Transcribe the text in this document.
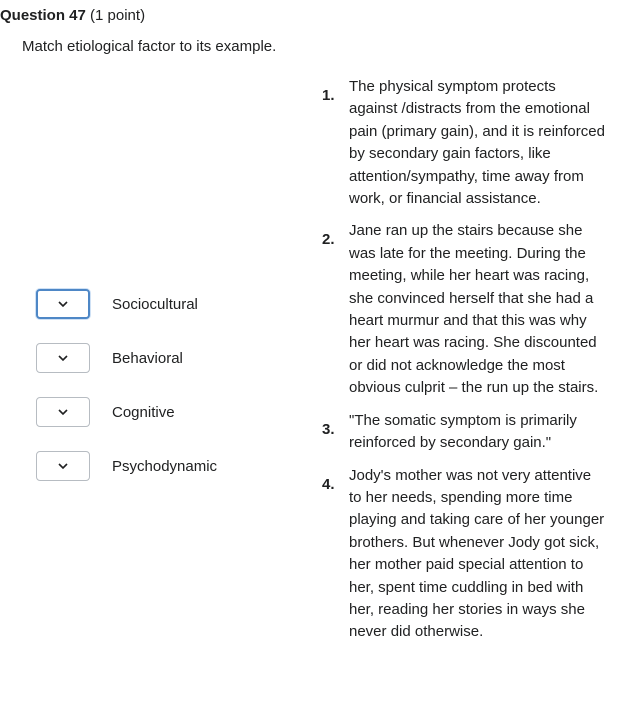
Question 47 (1 point)
Match etiological factor to its example.
Sociocultural
Behavioral
Cognitive
Psychodynamic
1.
The physical symptom protects against /distracts from the emotional pain (primary gain), and it is reinforced by secondary gain factors, like attention/sympathy, time away from work, or financial assistance.
2.
Jane ran up the stairs because she was late for the meeting. During the meeting, while her heart was racing, she convinced herself that she had a heart murmur and that this was why her heart was racing. She discounted or did not acknowledge the most obvious culprit – the run up the stairs.
3.
"The somatic symptom is primarily reinforced by secondary gain."
4.
Jody's mother was not very attentive to her needs, spending more time playing and taking care of her younger brothers. But whenever Jody got sick, her mother paid special attention to her, spent time cuddling in bed with her, reading her stories in ways she never did otherwise.
